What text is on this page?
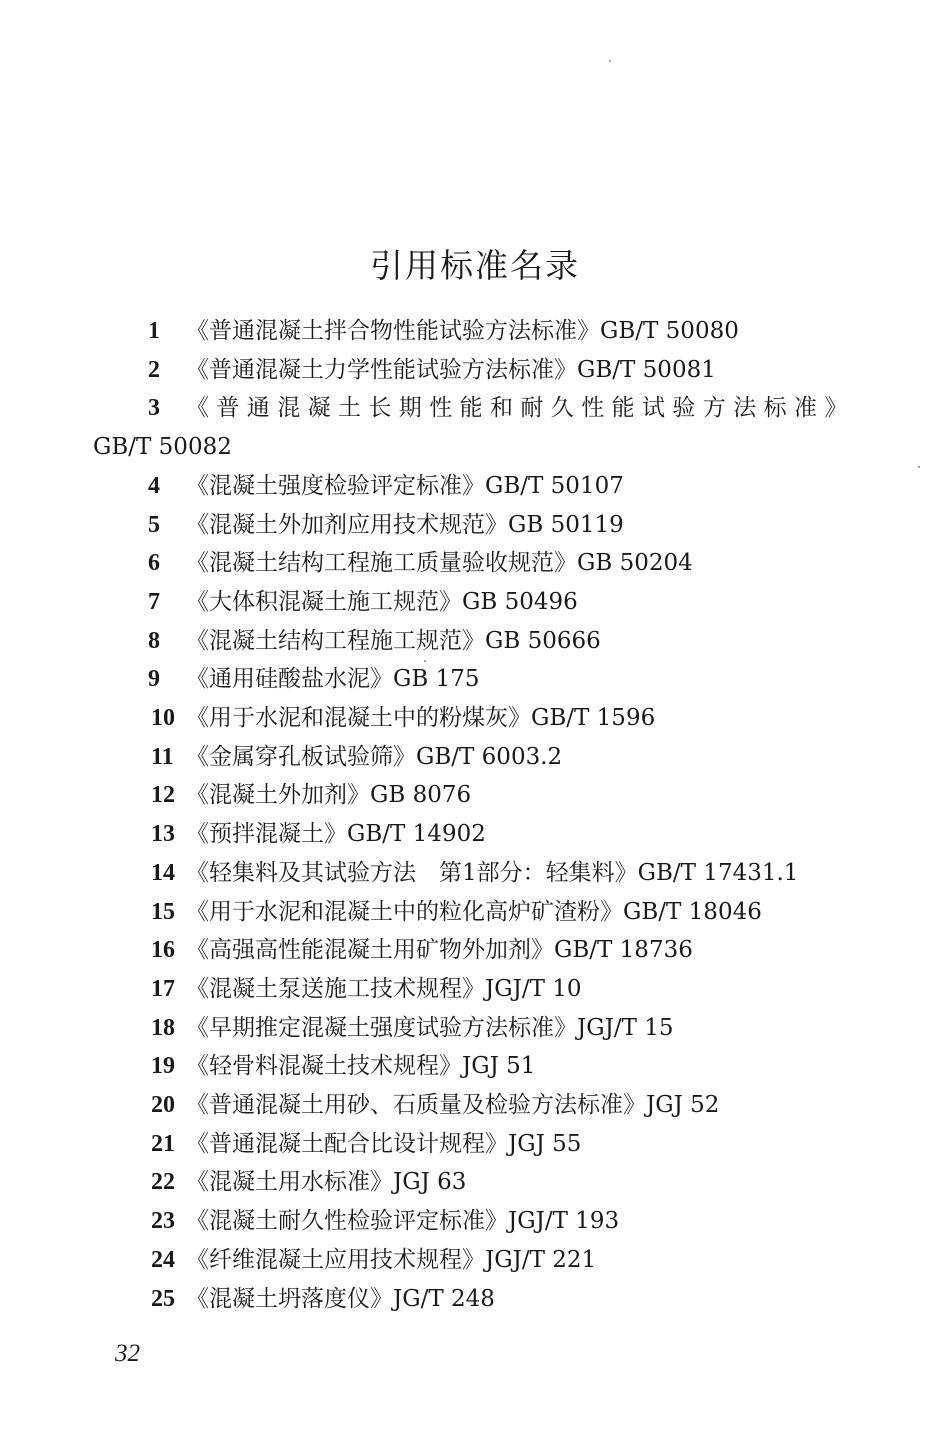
引用标准名录
1 《普通混凝土拌合物性能试验方法标准》GB/T 50080
2 《普通混凝土力学性能试验方法标准》GB/T 50081
3 《普通混凝土长期性能和耐久性能试验方法标准》
GB/T 50082
4 《混凝土强度检验评定标准》GB/T 50107
5 《混凝土外加剂应用技术规范》GB 50119
6 《混凝土结构工程施工质量验收规范》GB 50204
7 《大体积混凝土施工规范》GB 50496
8 《混凝土结构工程施工规范》GB 50666
9 《通用硅酸盐水泥》GB 175
10 《用于水泥和混凝土中的粉煤灰》GB/T 1596
11 《金属穿孔板试验筛》GB/T 6003.2
12 《混凝土外加剂》GB 8076
13 《预拌混凝土》GB/T 14902
14 《轻集料及其试验方法　第1部分：轻集料》GB/T 17431.1
15 《用于水泥和混凝土中的粒化高炉矿渣粉》GB/T 18046
16 《高强高性能混凝土用矿物外加剂》GB/T 18736
17 《混凝土泵送施工技术规程》JGJ/T 10
18 《早期推定混凝土强度试验方法标准》JGJ/T 15
19 《轻骨料混凝土技术规程》JGJ 51
20 《普通混凝土用砂、石质量及检验方法标准》JGJ 52
21 《普通混凝土配合比设计规程》JGJ 55
22 《混凝土用水标准》JGJ 63
23 《混凝土耐久性检验评定标准》JGJ/T 193
24 《纤维混凝土应用技术规程》JGJ/T 221
25 《混凝土坍落度仪》JG/T 248
32
